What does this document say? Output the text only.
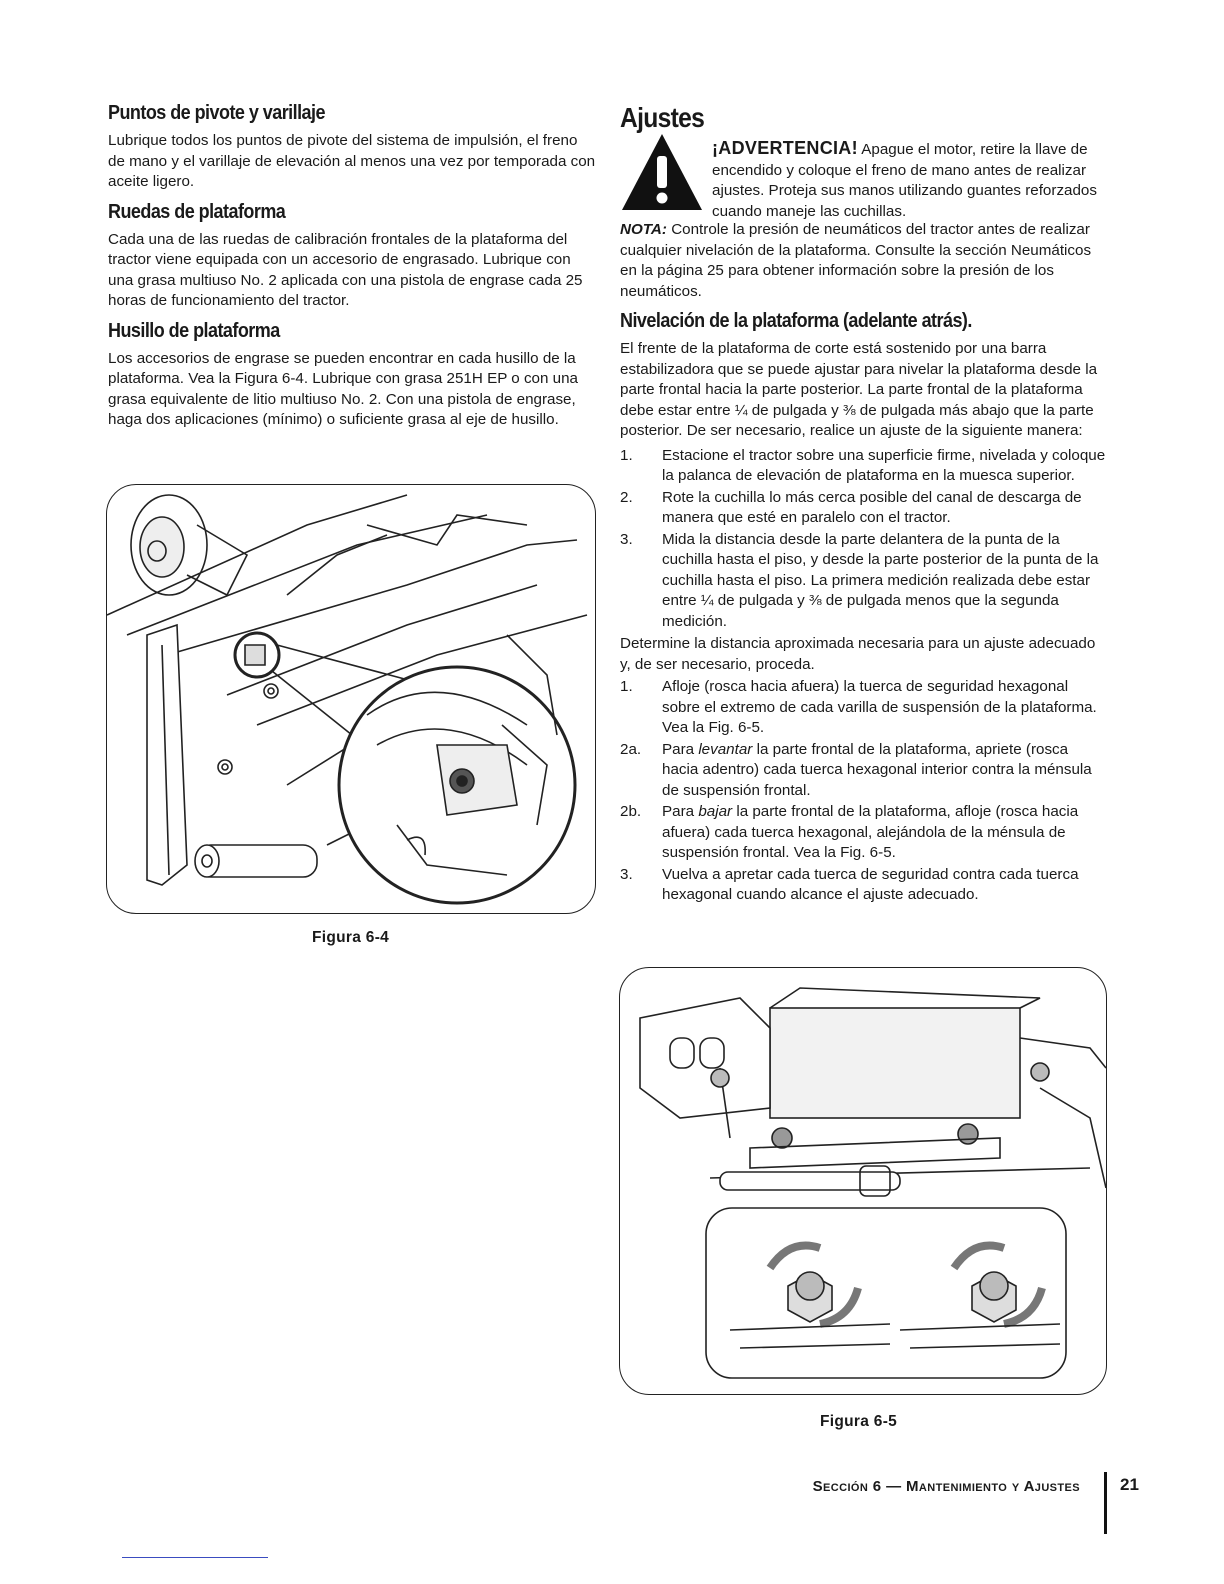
Puntos de pivote y varillaje

Lubrique todos los puntos de pivote del sistema de impulsión, el freno de mano y el varillaje de elevación al menos una vez por temporada con aceite ligero.

Ruedas de plataforma

Cada una de las ruedas de calibración frontales de la plataforma del tractor viene equipada con un accesorio de engrasado. Lubrique con una grasa multiuso No. 2 aplicada con una pistola de engrase cada 25 horas de funcionamiento del tractor.

Husillo de plataforma

Los accesorios de engrase se pueden encontrar en cada husillo de la plataforma. Vea la Figura 6-4. Lubrique con grasa 251H EP o con una grasa equivalente de litio multiuso No. 2. Con una pistola de engrase, haga dos aplicaciones (mínimo) o suficiente grasa al eje de husillo.

Figura 6-4
Ajustes
¡ADVERTENCIA! Apague el motor, retire la llave de encendido y coloque el freno de mano antes de realizar ajustes. Proteja sus manos utilizando guantes reforzados cuando maneje las cuchillas.

NOTA: Controle la presión de neumáticos del tractor antes de realizar cualquier nivelación de la plataforma. Consulte la sección Neumáticos en la página 25 para obtener información sobre la presión de los neumáticos.

Nivelación de la plataforma (adelante atrás).

El frente de la plataforma de corte está sostenido por una barra estabilizadora que se puede ajustar para nivelar la plataforma desde la parte frontal hacia la parte posterior. La parte frontal de la plataforma debe estar entre ¼ de pulgada y ⅜ de pulgada más abajo que la parte posterior. De ser necesario, realice un ajuste de la siguiente manera:

1. Estacione el tractor sobre una superficie firme, nivelada y coloque la palanca de elevación de plataforma en la muesca superior.
2. Rote la cuchilla lo más cerca posible del canal de descarga de manera que esté en paralelo con el tractor.
3. Mida la distancia desde la parte delantera de la punta de la cuchilla hasta el piso, y desde la parte posterior de la punta de la cuchilla hasta el piso. La primera medición realizada debe estar entre ¼ de pulgada y ⅜ de pulgada menos que la segunda medición.

Determine la distancia aproximada necesaria para un ajuste adecuado y, de ser necesario, proceda.

1. Afloje (rosca hacia afuera) la tuerca de seguridad hexagonal sobre el extremo de cada varilla de suspensión de la plataforma. Vea la Fig. 6-5.
2a. Para levantar la parte frontal de la plataforma, apriete (rosca hacia adentro) cada tuerca hexagonal interior contra la ménsula de suspensión frontal.
2b. Para bajar la parte frontal de la plataforma, afloje (rosca hacia afuera) cada tuerca hexagonal, alejándola de la ménsula de suspensión frontal. Vea la Fig. 6-5.
3. Vuelva a apretar cada tuerca de seguridad contra cada tuerca hexagonal cuando alcance el ajuste adecuado.
Figura 6-5
Sección 6 — Mantenimiento y Ajustes 21
